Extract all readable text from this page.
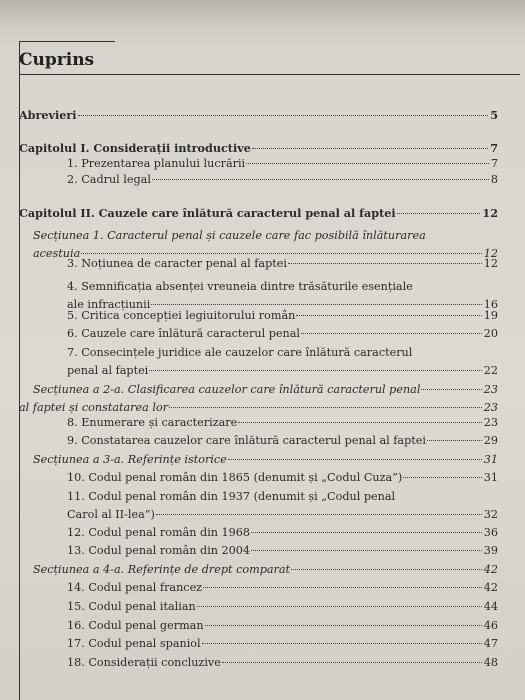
Cuprins
Abrevieri	5
Capitolul I. Considerații introductive	7
1. Prezentarea planului lucrării	7
2. Cadrul legal	8
Capitolul II. Cauzele care înlătură caracterul penal al faptei	12
Secțiunea 1. Caracterul penal și cauzele care fac posibilă înlăturarea
acestuia	12
3. Noțiunea de caracter penal al faptei	12
4. Semnificația absenței vreuneia dintre trăsăturile esențiale
ale infracțiunii	16
5. Critica concepției legiuitorului român	19
6. Cauzele care înlătură caracterul penal	20
7. Consecințele juridice ale cauzelor care înlătură caracterul
penal al faptei	22
Secțiunea a 2-a. Clasificarea cauzelor care înlătură caracterul penal	23
al faptei și constatarea lor	23
8. Enumerare și caracterizare	23
9. Constatarea cauzelor care înlătură caracterul penal al faptei	29
Secțiunea a 3-a. Referințe istorice	31
10. Codul penal român din 1865 (denumit și „Codul Cuza”)	31
11. Codul penal român din 1937 (denumit și „Codul penal
Carol al II-lea”)	32
12. Codul penal român din 1968	36
13. Codul penal român din 2004	39
Secțiunea a 4-a. Referințe de drept comparat	42
14. Codul penal francez	42
15. Codul penal italian	44
16. Codul penal german	46
17. Codul penal spaniol	47
18. Considerații concluzive	48
